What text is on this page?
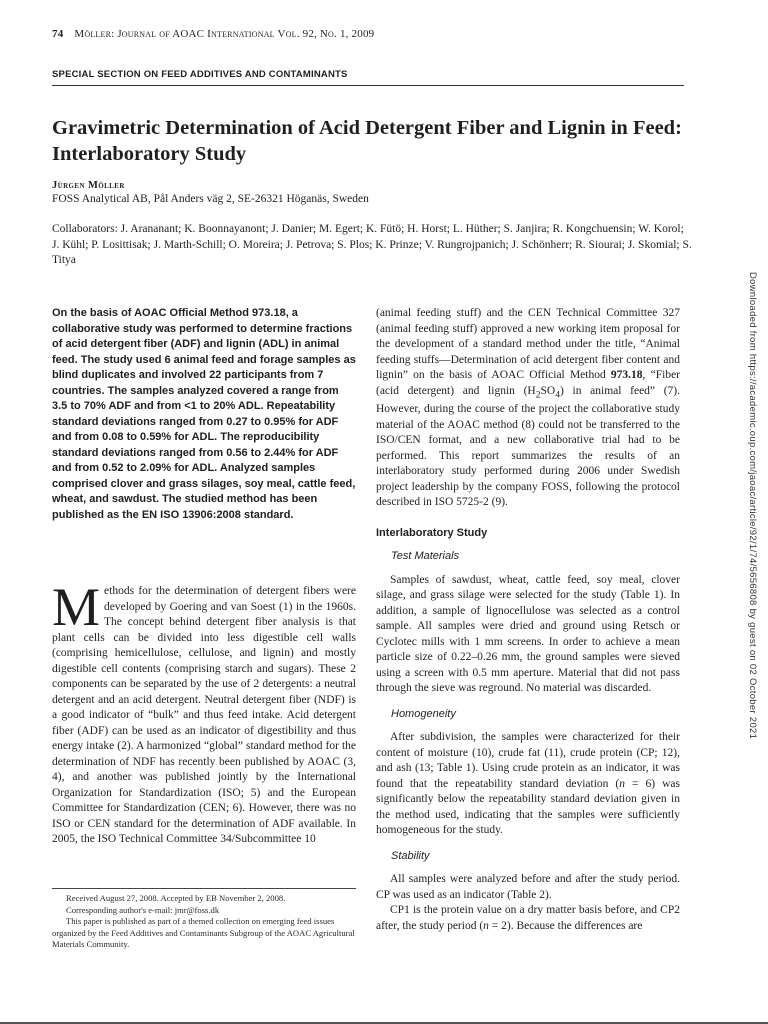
74 Möller: Journal of AOAC International Vol. 92, No. 1, 2009
SPECIAL SECTION ON FEED ADDITIVES AND CONTAMINANTS
Gravimetric Determination of Acid Detergent Fiber and Lignin in Feed: Interlaboratory Study
Jürgen Möller
FOSS Analytical AB, Pål Anders väg 2, SE-26321 Höganäs, Sweden
Collaborators: J. Arananant; K. Boonnayanont; J. Danier; M. Egert; K. Fütö; H. Horst; L. Hüther; S. Janjira; R. Kongchuensin; W. Korol; J. Kühl; P. Losittisak; J. Marth-Schill; O. Moreira; J. Petrova; S. Plos; K. Prinze; V. Rungrojpanich; J. Schönherr; R. Siourai; J. Skomial; S. Titya
On the basis of AOAC Official Method 973.18, a collaborative study was performed to determine fractions of acid detergent fiber (ADF) and lignin (ADL) in animal feed. The study used 6 animal feed and forage samples as blind duplicates and involved 22 participants from 7 countries. The samples analyzed covered a range from 3.5 to 70% ADF and from <1 to 20% ADL. Repeatability standard deviations ranged from 0.27 to 0.95% for ADF and from 0.08 to 0.59% for ADL. The reproducibility standard deviations ranged from 0.56 to 2.44% for ADF and from 0.52 to 2.09% for ADL. Analyzed samples comprised clover and grass silages, soy meal, cattle feed, wheat, and sawdust. The studied method has been published as the EN ISO 13906:2008 standard.
M ethods for the determination of detergent fibers were developed by Goering and van Soest (1) in the 1960s. The concept behind detergent fiber analysis is that plant cells can be divided into less digestible cell walls (comprising hemicellulose, cellulose, and lignin) and mostly digestible cell contents (comprising starch and sugars). These 2 components can be separated by the use of 2 detergents: a neutral detergent and an acid detergent. Neutral detergent fiber (NDF) is a good indicator of “bulk” and thus feed intake. Acid detergent fiber (ADF) can be used as an indicator of digestibility and thus energy intake (2). A harmonized “global” standard method for the determination of NDF has recently been published by AOAC (3, 4), and another was published jointly by the International Organization for Standardization (ISO; 5) and the European Committee for Standardization (CEN; 6). However, there was no ISO or CEN standard for the determination of ADF available. In 2005, the ISO Technical Committee 34/Subcommittee 10

Received August 27, 2008. Accepted by EB November 2, 2008.

Corresponding author's e-mail: jmr@foss.dk

This paper is published as part of a themed collection on emerging feed issues organized by the Feed Additives and Contaminants Subgroup of the AOAC Agricultural Materials Community.

(animal feeding stuff) and the CEN Technical Committee 327 (animal feeding stuff) approved a new working item proposal for the development of a standard method under the title, “Animal feeding stuffs—Determination of acid detergent fiber content and lignin” on the basis of AOAC Official Method 973.18, “Fiber (acid detergent) and lignin $(H_2SO_4)$ in animal feed” (7). However, during the course of the project the collaborative study material of the AOAC method (8) could not be transferred to the ISO/CEN format, and a new collaborative trial had to be performed. This report summarizes the results of an interlaboratory study performed during 2006 under Swedish project leadership by the company FOSS, following the protocol described in ISO 5725-2 (9).

Interlaboratory Study
Test Materials

Samples of sawdust, wheat, cattle feed, soy meal, clover silage, and grass silage were selected for the study (Table 1). In addition, a sample of lignocellulose was selected as a control sample. All samples were dried and ground using Retsch or Cyclotec mills with 1 mm screens. In order to achieve a mean particle size of 0.22–0.26 mm, the ground samples were sieved using a screen with 0.5 mm aperture. Material that did not pass through the sieve was reground. No material was discarded.

Homogeneity

After subdivision, the samples were characterized for their content of moisture (10), crude fat (11), crude protein (CP; 12), and ash (13; Table 1). Using crude protein as an indicator, it was found that the repeatability standard deviation (n = 6) was significantly below the repeatability standard deviation given in the method used, indicating that the samples were sufficiently homogeneous for the study.

Stability

All samples were analyzed before and after the study period. CP was used as an indicator (Table 2).

CP1 is the protein value on a dry matter basis before, and CP2 after, the study period (n = 2). Because the differences are

Downloaded from https://academic.oup.com/jaoac/article/92/1/74/5656808 by guest on 02 October 2021
